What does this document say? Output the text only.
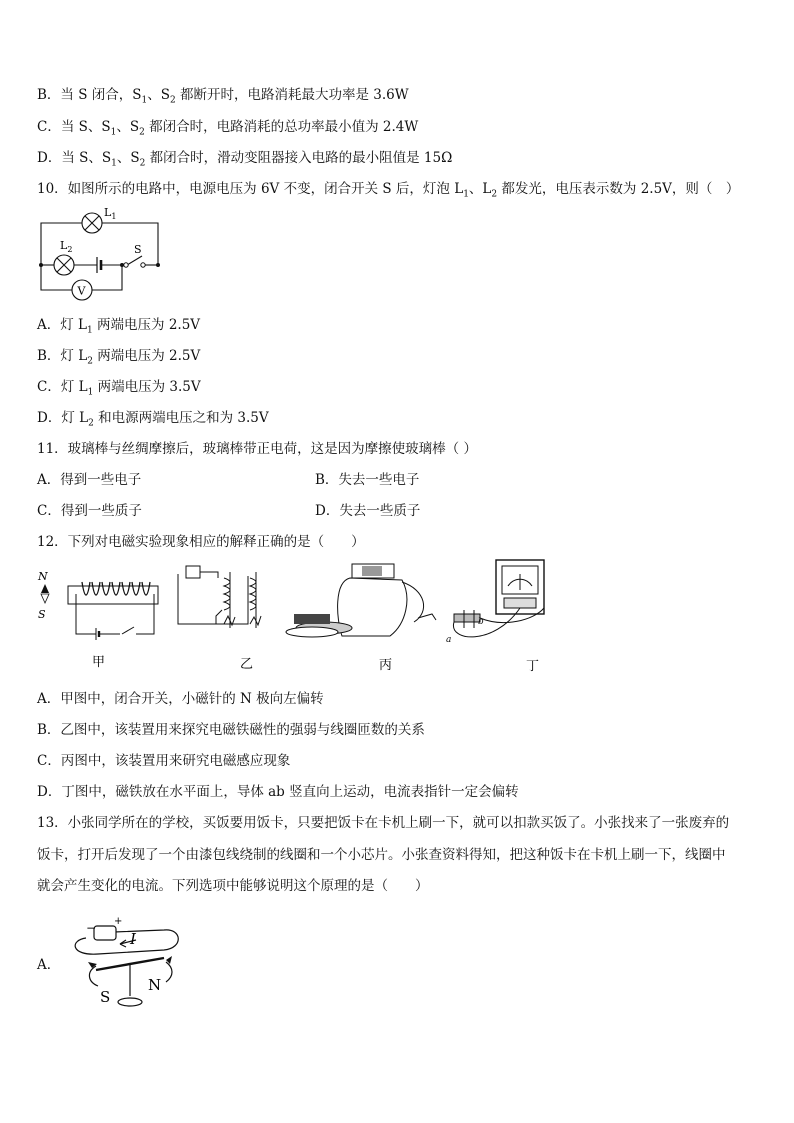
B．当 S 闭合，$S_1$、$S_2$ 都断开时，电路消耗最大功率是 3.6W
C．当 S、$S_1$、$S_2$ 都闭合时，电路消耗的总功率最小值为 2.4W
D．当 S、$S_1$、$S_2$ 都闭合时，滑动变阻器接入电路的最小阻值是 15Ω
10．如图所示的电路中，电源电压为 6V 不变，闭合开关 S 后，灯泡 $L_1$、$L_2$ 都发光，电压表示数为 2.5V，则（　）
$L_1$
$L_2$	S
V
A．灯 $L_1$ 两端电压为 2.5V
B．灯 $L_2$ 两端电压为 2.5V
C．灯 $L_1$ 两端电压为 3.5V
D．灯 $L_2$ 和电源两端电压之和为 3.5V
11．玻璃棒与丝绸摩擦后，玻璃棒带正电荷，这是因为摩擦使玻璃棒（ ）
A．得到一些电子	B．失去一些电子
C．得到一些质子	D．失去一些质子
12．下列对电磁实验现象相应的解释正确的是（　　）
N
S
b
a
甲	乙	丙	丁
A．甲图中，闭合开关，小磁针的 N 极向左偏转
B．乙图中，该装置用来探究电磁铁磁性的强弱与线圈匝数的关系
C．丙图中，该装置用来研究电磁感应现象
D．丁图中，磁铁放在水平面上，导体 ab 竖直向上运动，电流表指针一定会偏转
13．小张同学所在的学校，买饭要用饭卡，只要把饭卡在卡机上刷一下，就可以扣款买饭了。小张找来了一张废弃的
饭卡，打开后发现了一个由漆包线绕制的线圈和一个小芯片。小张查资料得知，把这种饭卡在卡机上刷一下，线圈中
就会产生变化的电流。下列选项中能够说明这个原理的是（　　）
A．
− +
I
S
N
